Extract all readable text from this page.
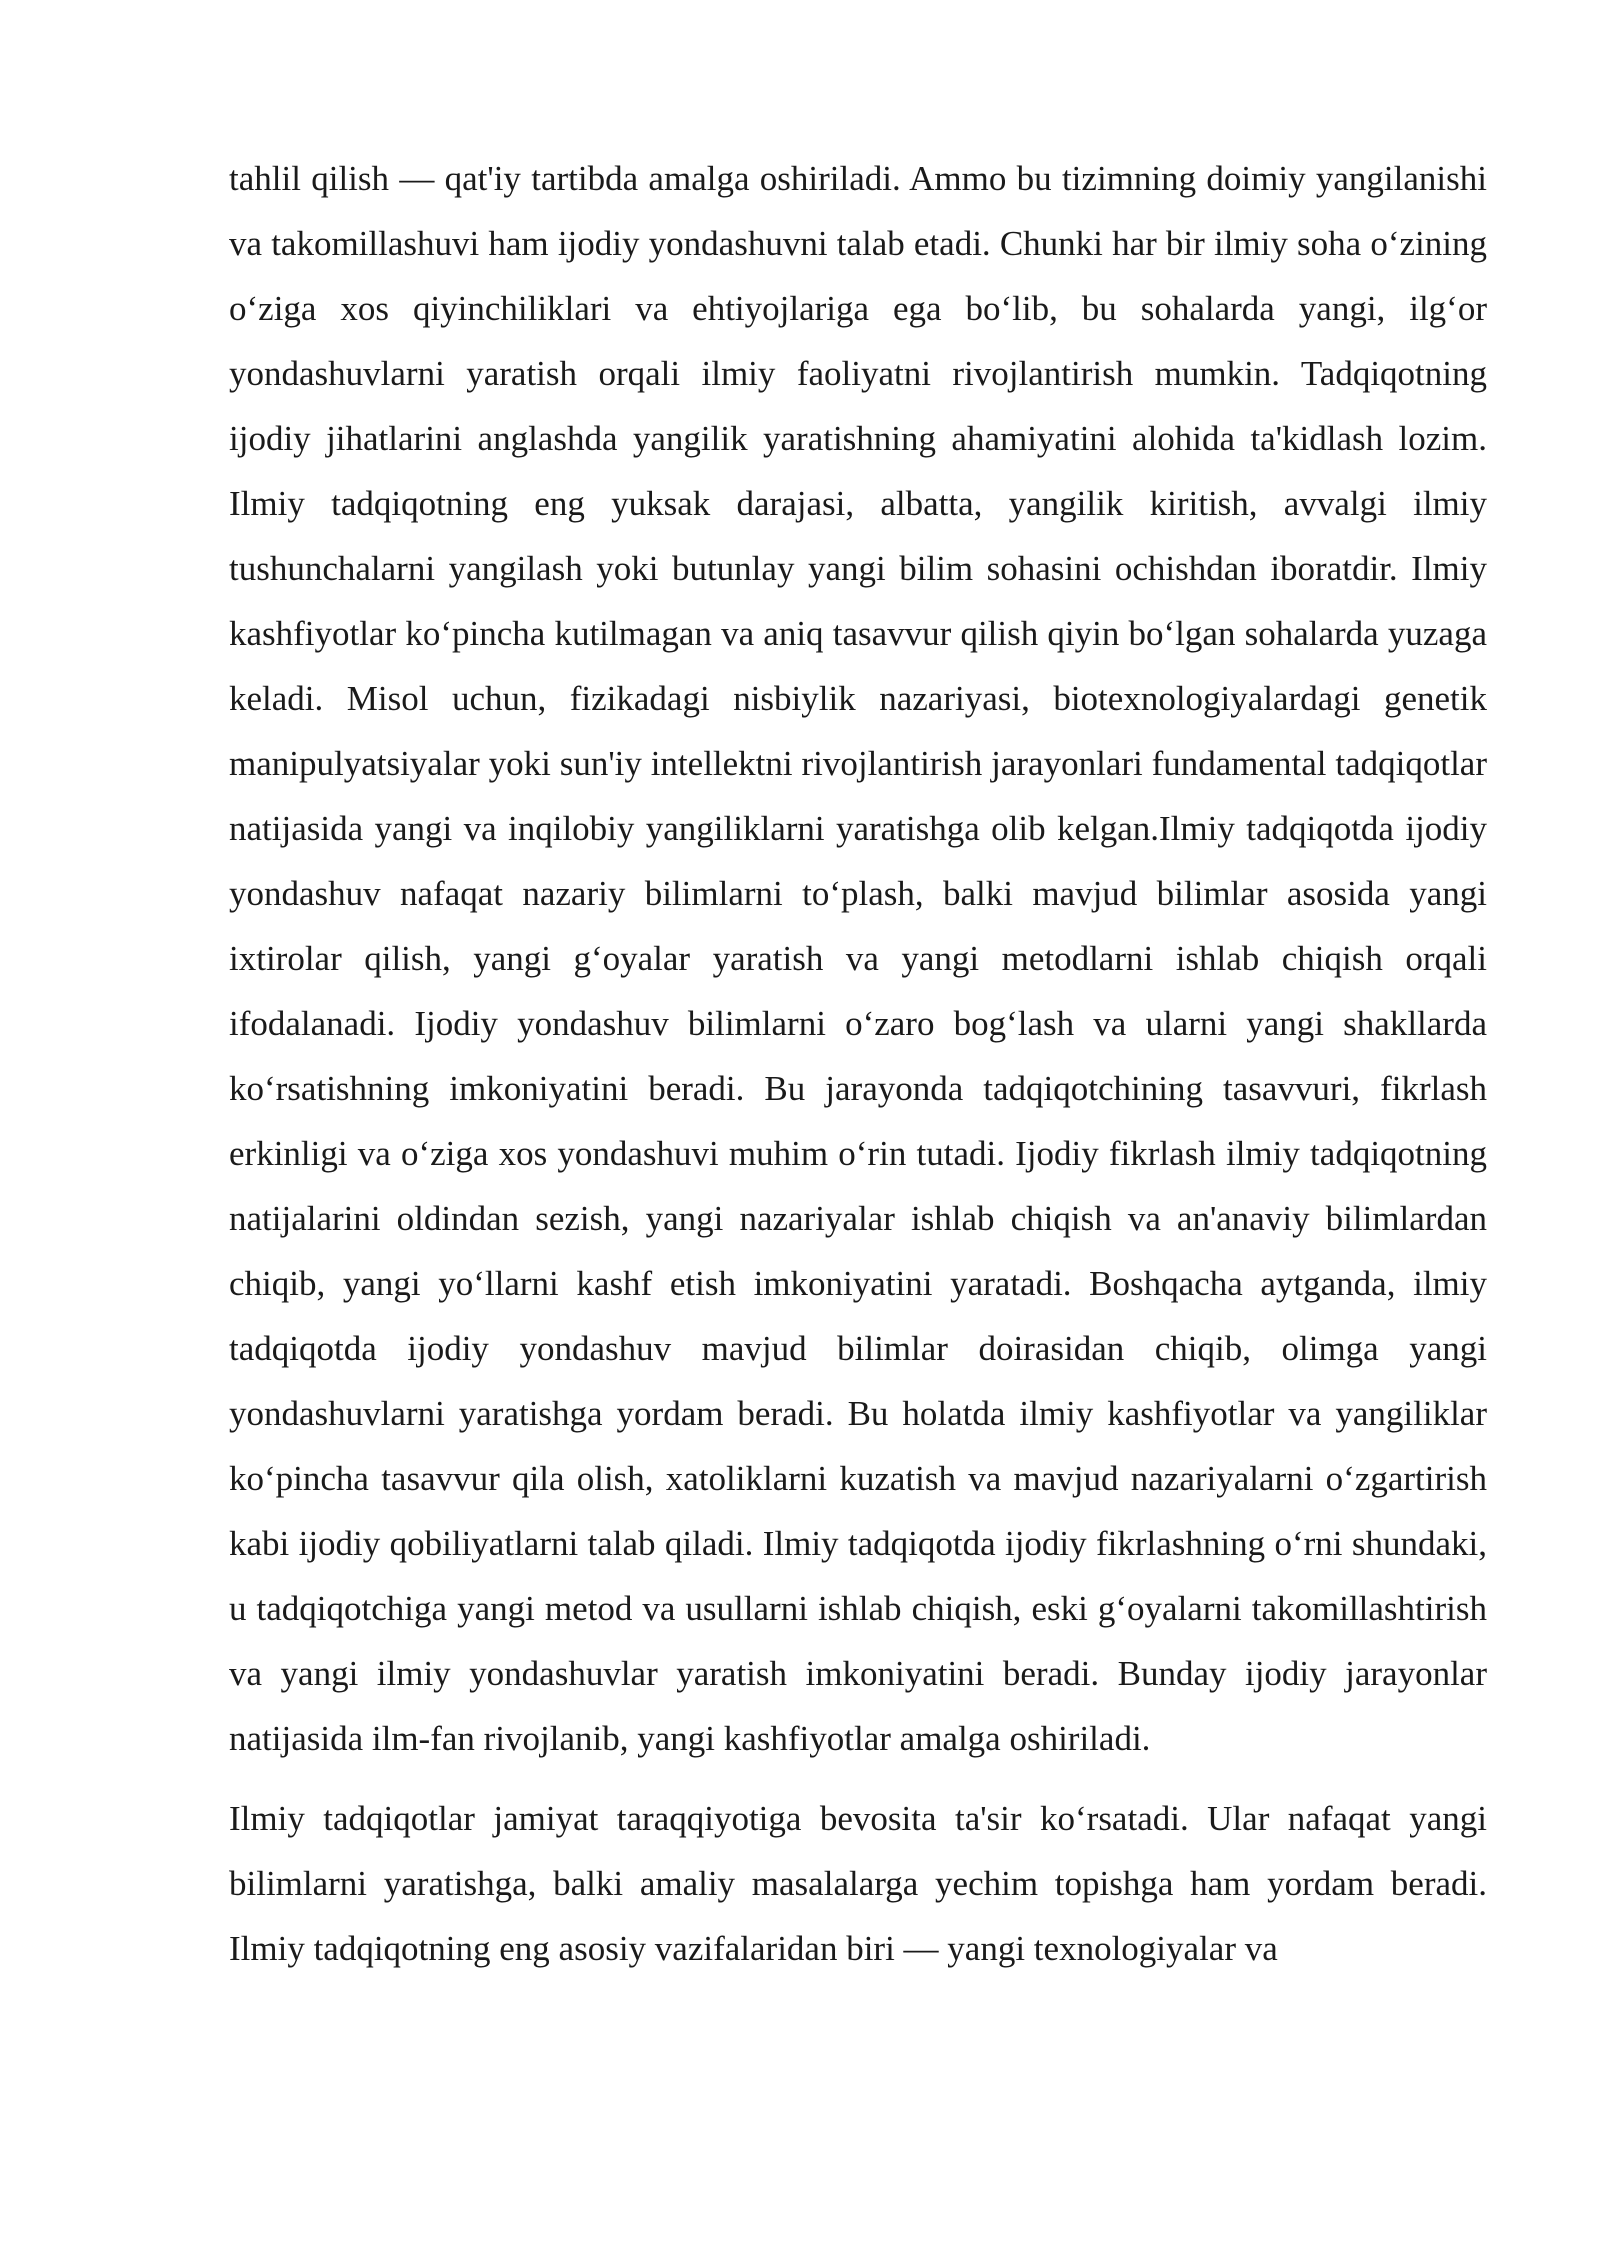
tahlil qilish — qat'iy tartibda amalga oshiriladi. Ammo bu tizimning doimiy yangilanishi va takomillashuvi ham ijodiy yondashuvni talab etadi. Chunki har bir ilmiy soha o‘zining o‘ziga xos qiyinchiliklari va ehtiyojlariga ega bo‘lib, bu sohalarda yangi, ilg‘or yondashuvlarni yaratish orqali ilmiy faoliyatni rivojlantirish mumkin. Tadqiqotning ijodiy jihatlarini anglashda yangilik yaratishning ahamiyatini alohida ta'kidlash lozim. Ilmiy tadqiqotning eng yuksak darajasi, albatta, yangilik kiritish, avvalgi ilmiy tushunchalarni yangilash yoki butunlay yangi bilim sohasini ochishdan iboratdir. Ilmiy kashfiyotlar ko‘pincha kutilmagan va aniq tasavvur qilish qiyin bo‘lgan sohalarda yuzaga keladi. Misol uchun, fizikadagi nisbiylik nazariyasi, biotexnologiyalardagi genetik manipulyatsiyalar yoki sun'iy intellektni rivojlantirish jarayonlari fundamental tadqiqotlar natijasida yangi va inqilobiy yangiliklarni yaratishga olib kelgan.Ilmiy tadqiqotda ijodiy yondashuv nafaqat nazariy bilimlarni to‘plash, balki mavjud bilimlar asosida yangi ixtirolar qilish, yangi g‘oyalar yaratish va yangi metodlarni ishlab chiqish orqali ifodalanadi. Ijodiy yondashuv bilimlarni o‘zaro bog‘lash va ularni yangi shakllarda ko‘rsatishning imkoniyatini beradi. Bu jarayonda tadqiqotchining tasavvuri, fikrlash erkinligi va o‘ziga xos yondashuvi muhim o‘rin tutadi. Ijodiy fikrlash ilmiy tadqiqotning natijalarini oldindan sezish, yangi nazariyalar ishlab chiqish va an'anaviy bilimlardan chiqib, yangi yo‘llarni kashf etish imkoniyatini yaratadi. Boshqacha aytganda, ilmiy tadqiqotda ijodiy yondashuv mavjud bilimlar doirasidan chiqib, olimga yangi yondashuvlarni yaratishga yordam beradi. Bu holatda ilmiy kashfiyotlar va yangiliklar ko‘pincha tasavvur qila olish, xatoliklarni kuzatish va mavjud nazariyalarni o‘zgartirish kabi ijodiy qobiliyatlarni talab qiladi. Ilmiy tadqiqotda ijodiy fikrlashning o‘rni shundaki, u tadqiqotchiga yangi metod va usullarni ishlab chiqish, eski g‘oyalarni takomillashtirish va yangi ilmiy yondashuvlar yaratish imkoniyatini beradi. Bunday ijodiy jarayonlar natijasida ilm-fan rivojlanib, yangi kashfiyotlar amalga oshiriladi.

Ilmiy tadqiqotlar jamiyat taraqqiyotiga bevosita ta'sir ko‘rsatadi. Ular nafaqat yangi bilimlarni yaratishga, balki amaliy masalalarga yechim topishga ham yordam beradi. Ilmiy tadqiqotning eng asosiy vazifalaridan biri — yangi texnologiyalar va
